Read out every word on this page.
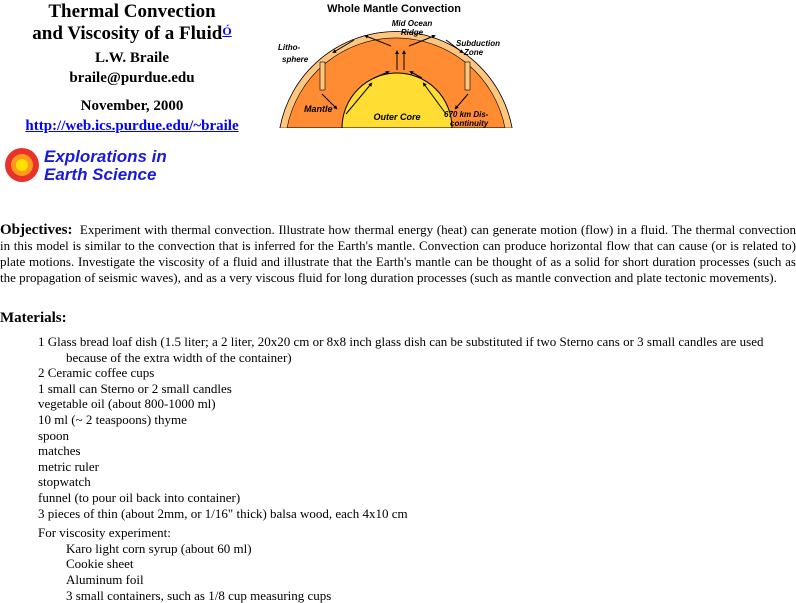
Thermal Convection
and Viscosity of a Fluid$^Ó$
L.W. Braile
braile@purdue.edu
November, 2000
http://web.ics.purdue.edu/~braile
Whole Mantle Convection
Mid Ocean
Ridge
Litho-
sphere
Subduction
Zone
Mantle
Outer Core	670 km Dis-
continuity
Explorations in
Earth Science
Objectives: Experiment with thermal convection. Illustrate how thermal energy (heat) can generate motion (flow) in a fluid. The thermal convection in this model is similar to the convection that is inferred for the Earth's mantle. Convection can produce horizontal flow that can cause (or is related to) plate motions. Investigate the viscosity of a fluid and illustrate that the Earth's mantle can be thought of as a solid for short duration processes (such as the propagation of seismic waves), and as a very viscous fluid for long duration processes (such as mantle convection and plate tectonic movements).
Materials:
1 Glass bread loaf dish (1.5 liter; a 2 liter, 20x20 cm or 8x8 inch glass dish can be substituted if two Sterno cans or 3 small candles are used because of the extra width of the container)
2 Ceramic coffee cups
1 small can Sterno or 2 small candles
vegetable oil (about 800-1000 ml)
10 ml (~ 2 teaspoons) thyme
spoon
matches
metric ruler
stopwatch
funnel (to pour oil back into container)
3 pieces of thin (about 2mm, or 1/16" thick) balsa wood, each 4x10 cm
For viscosity experiment:
Karo light corn syrup (about 60 ml)
Cookie sheet
Aluminum foil
3 small containers, such as 1/8 cup measuring cups
